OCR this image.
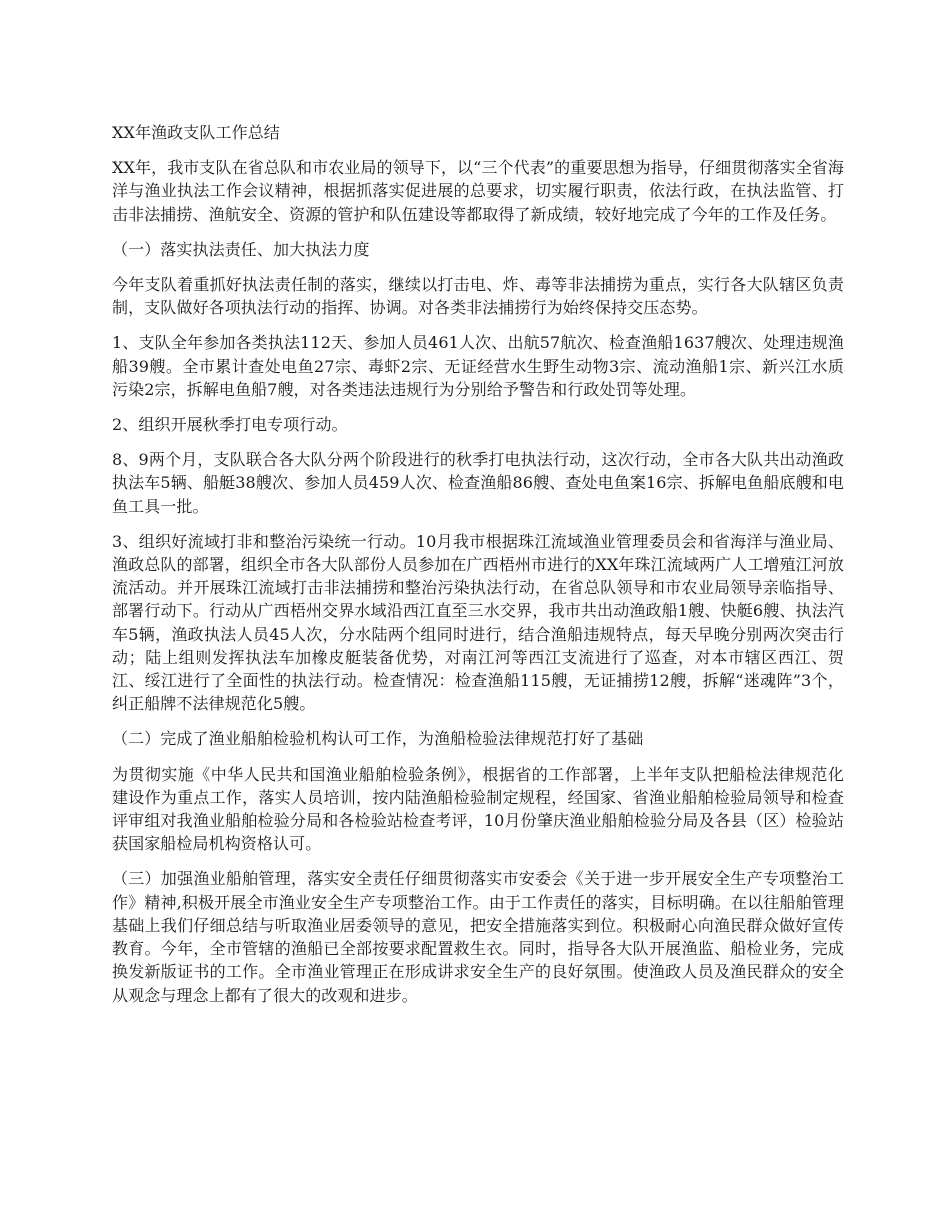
XX年渔政支队工作总结

XX年，我市支队在省总队和市农业局的领导下，以“三个代表”的重要思想为指导，仔细贯彻落实全省海洋与渔业执法工作会议精神，根据抓落实促进展的总要求，切实履行职责，依法行政，在执法监管、打击非法捕捞、渔航安全、资源的管护和队伍建设等都取得了新成绩，较好地完成了今年的工作及任务。

（一）落实执法责任、加大执法力度

今年支队着重抓好执法责任制的落实，继续以打击电、炸、毒等非法捕捞为重点，实行各大队辖区负责制，支队做好各项执法行动的指挥、协调。对各类非法捕捞行为始终保持交压态势。

1、支队全年参加各类执法112天、参加人员461人次、出航57航次、检查渔船1637艘次、处理违规渔船39艘。全市累计查处电鱼27宗、毒虾2宗、无证经营水生野生动物3宗、流动渔船1宗、新兴江水质污染2宗，拆解电鱼船7艘，对各类违法违规行为分别给予警告和行政处罚等处理。

2、组织开展秋季打电专项行动。

8、9两个月，支队联合各大队分两个阶段进行的秋季打电执法行动，这次行动，全市各大队共出动渔政执法车5辆、船艇38艘次、参加人员459人次、检查渔船86艘、查处电鱼案16宗、拆解电鱼船底艘和电鱼工具一批。

3、组织好流域打非和整治污染统一行动。10月我市根据珠江流域渔业管理委员会和省海洋与渔业局、渔政总队的部署，组织全市各大队部份人员参加在广西梧州市进行的XX年珠江流域两广人工增殖江河放流活动。并开展珠江流域打击非法捕捞和整治污染执法行动，在省总队领导和市农业局领导亲临指导、部署行动下。行动从广西梧州交界水域沿西江直至三水交界，我市共出动渔政船1艘、快艇6艘、执法汽车5辆，渔政执法人员45人次，分水陆两个组同时进行，结合渔船违规特点，每天早晚分别两次突击行动；陆上组则发挥执法车加橡皮艇装备优势，对南江河等西江支流进行了巡查，对本市辖区西江、贺江、绥江进行了全面性的执法行动。检查情况：检查渔船115艘，无证捕捞12艘，拆解“迷魂阵”3个，纠正船牌不法律规范化5艘。

（二）完成了渔业船舶检验机构认可工作，为渔船检验法律规范打好了基础

为贯彻实施《中华人民共和国渔业船舶检验条例》，根据省的工作部署，上半年支队把船检法律规范化建设作为重点工作，落实人员培训，按内陆渔船检验制定规程，经国家、省渔业船舶检验局领导和检查评审组对我渔业船舶检验分局和各检验站检查考评，10月份肇庆渔业船舶检验分局及各县（区）检验站获国家船检局机构资格认可。

（三）加强渔业船舶管理，落实安全责任仔细贯彻落实市安委会《关于进一步开展安全生产专项整治工作》精神,积极开展全市渔业安全生产专项整治工作。由于工作责任的落实，目标明确。在以往船舶管理基础上我们仔细总结与听取渔业居委领导的意见，把安全措施落实到位。积极耐心向渔民群众做好宣传教育。今年，全市管辖的渔船已全部按要求配置救生衣。同时，指导各大队开展渔监、船检业务，完成换发新版证书的工作。全市渔业管理正在形成讲求安全生产的良好氛围。使渔政人员及渔民群众的安全从观念与理念上都有了很大的改观和进步。
